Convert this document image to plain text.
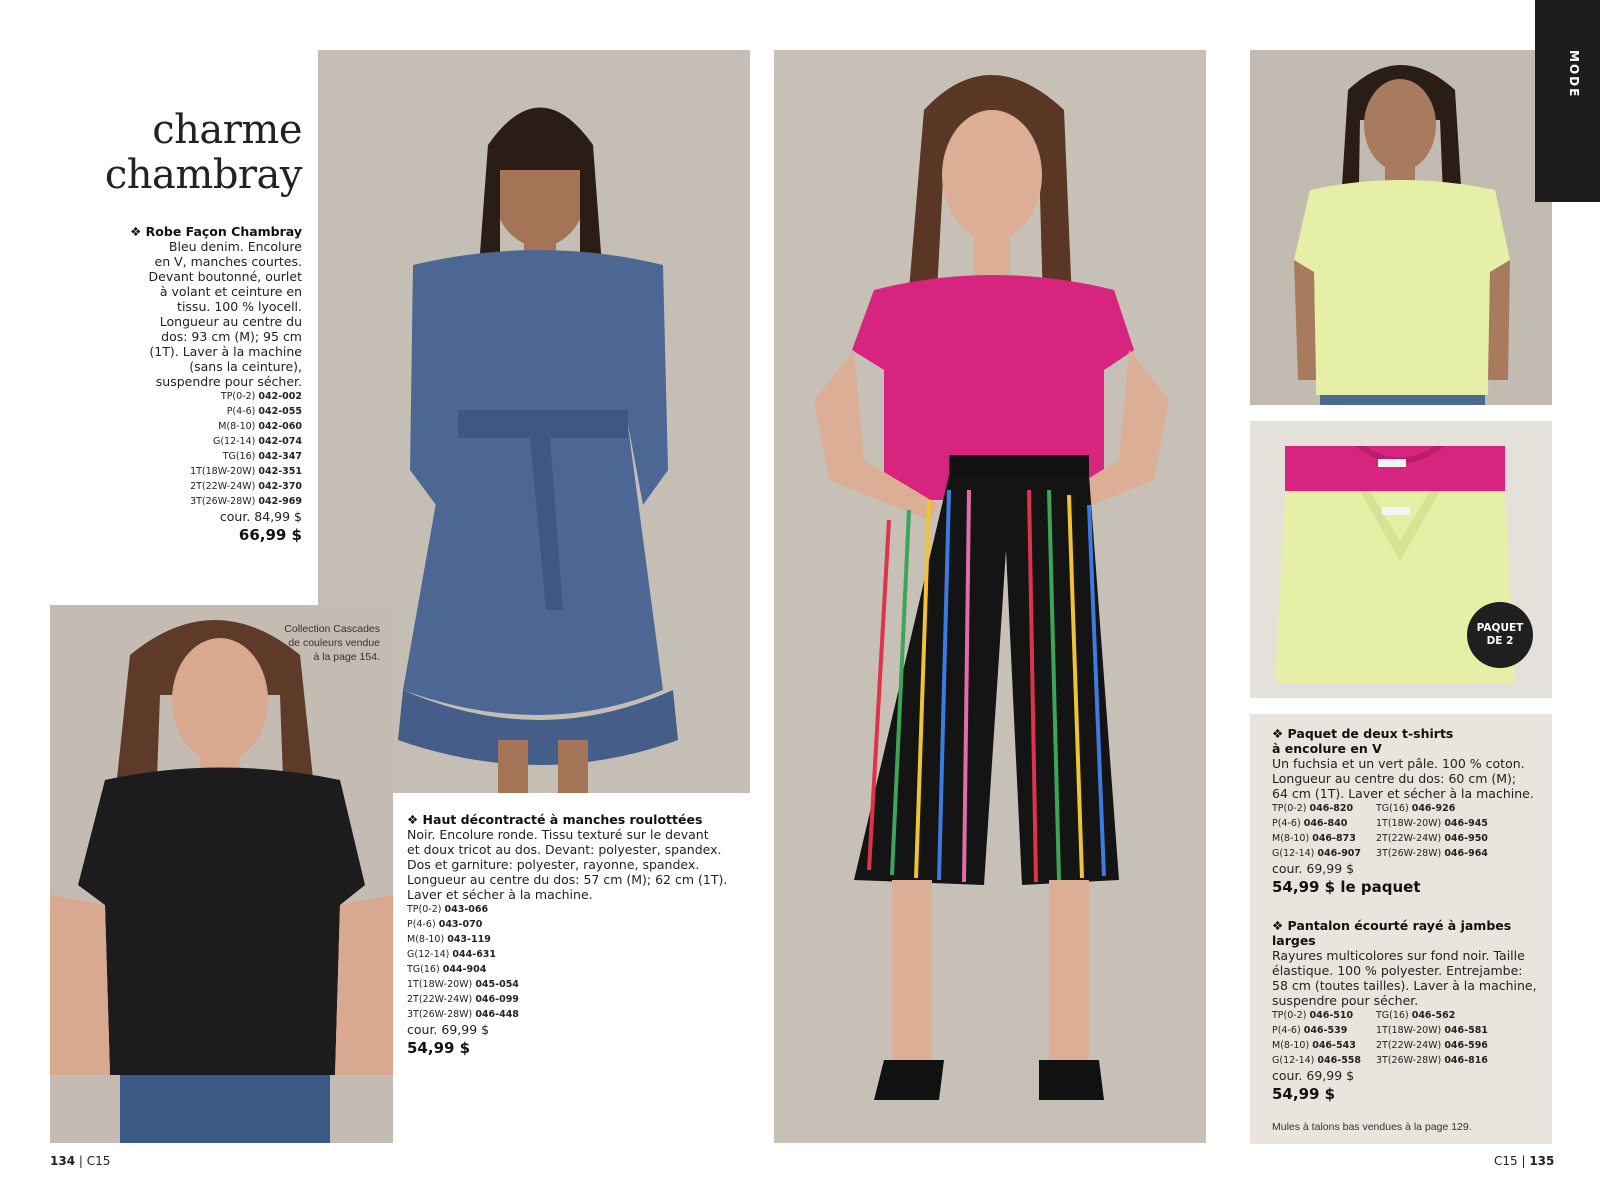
PAQUET
DE 2
MODE
charme
chambray
❖ Robe Façon Chambray
Bleu denim. Encolure
en V, manches courtes.
Devant boutonné, ourlet
à volant et ceinture en
tissu. 100 % lyocell.
Longueur au centre du
dos: 93 cm (M); 95 cm
(1T). Laver à la machine
(sans la ceinture),
suspendre pour sécher.
TP(0-2) 042-002
P(4-6) 042-055
M(8-10) 042-060
G(12-14) 042-074
TG(16) 042-347
1T(18W-20W) 042-351
2T(22W-24W) 042-370
3T(26W-28W) 042-969
cour. 84,99 $
66,99 $
Collection Cascades
de couleurs vendue
à la page 154.
❖ Haut décontracté à manches roulottées
Noir. Encolure ronde. Tissu texturé sur le devant
et doux tricot au dos. Devant: polyester, spandex.
Dos et garniture: polyester, rayonne, spandex.
Longueur au centre du dos: 57 cm (M); 62 cm (1T).
Laver et sécher à la machine.
TP(0-2) 043-066
P(4-6) 043-070
M(8-10) 043-119
G(12-14) 044-631
TG(16) 044-904
1T(18W-20W) 045-054
2T(22W-24W) 046-099
3T(26W-28W) 046-448
cour. 69,99 $
54,99 $
❖ Paquet de deux t-shirts
à encolure en V
Un fuchsia et un vert pâle. 100 % coton.
Longueur au centre du dos: 60 cm (M);
64 cm (1T). Laver et sécher à la machine.
TP(0-2) 046-820	TG(16) 046-926
P(4-6) 046-840	1T(18W-20W) 046-945
M(8-10) 046-873	2T(22W-24W) 046-950
G(12-14) 046-907	3T(26W-28W) 046-964
cour. 69,99 $
54,99 $ le paquet
❖ Pantalon écourté rayé à jambes larges
Rayures multicolores sur fond noir. Taille
élastique. 100 % polyester. Entrejambe:
58 cm (toutes tailles). Laver à la machine,
suspendre pour sécher.
TP(0-2) 046-510	TG(16) 046-562
P(4-6) 046-539	1T(18W-20W) 046-581
M(8-10) 046-543	2T(22W-24W) 046-596
G(12-14) 046-558	3T(26W-28W) 046-816
cour. 69,99 $
54,99 $
Mules à talons bas vendues à la page 129.
134 | C15	C15 | 135
